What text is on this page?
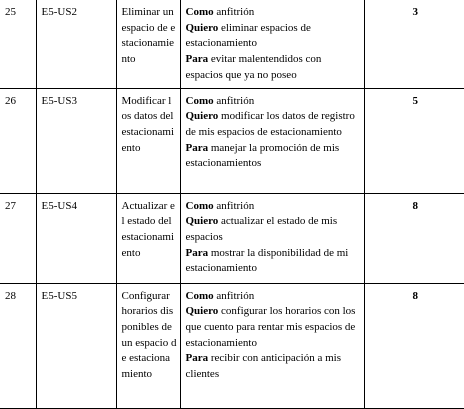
25	E5-US2	Eliminar un espacio de estacionamiento	Como anfitrión
Quiero eliminar espacios de estacionamiento
Para evitar malentendidos con espacios que ya no poseo	3
26	E5-US3	Modificar los datos del estacionamiento	Como anfitrión
Quiero modificar los datos de registro de mis espacios de estacionamiento
Para manejar la promoción de mis estacionamientos	5
27	E5-US4	Actualizar el estado del estacionamiento	Como anfitrión
Quiero actualizar el estado de mis espacios
Para mostrar la disponibilidad de mi estacionamiento	8
28	E5-US5	Configurar horarios disponibles de un espacio de estacionamiento	Como anfitrión
Quiero configurar los horarios con los que cuento para rentar mis espacios de estacionamiento
Para recibir con anticipación a mis clientes	8
